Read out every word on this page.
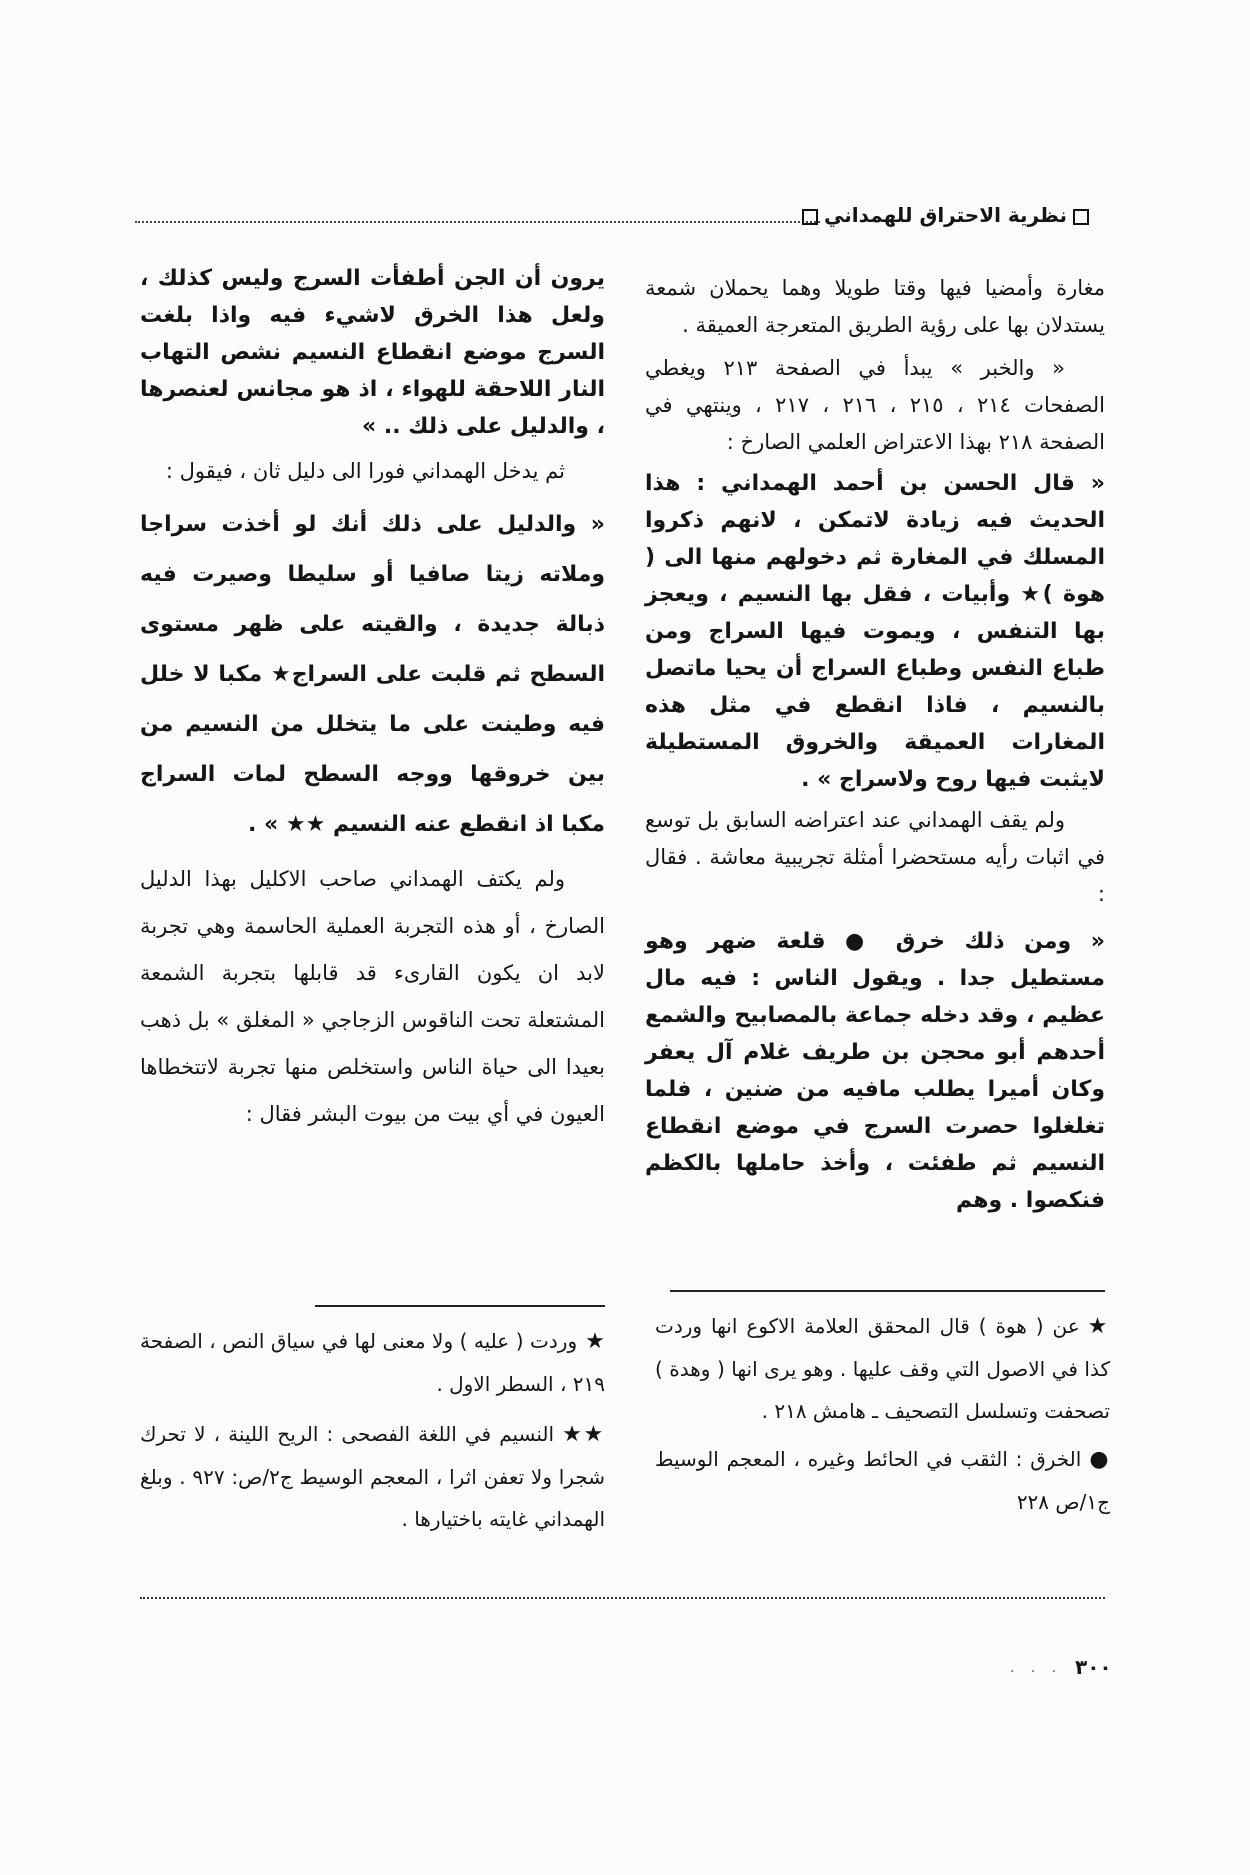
نظرية الاحتراق للهمداني

مغارة وأمضيا فيها وقتا طويلا وهما يحملان شمعة يستدلان بها على رؤية الطريق المتعرجة العميقة .

« والخبر » يبدأ في الصفحة ٢١٣ ويغطي الصفحات ٢١٤ ، ٢١٥ ، ٢١٦ ، ٢١٧ ، وينتهي في الصفحة ٢١٨ بهذا الاعتراض العلمي الصارخ :

« قال الحسن بن أحمد الهمداني : هذا الحديث فيه زيادة لاتمكن ، لانهم ذكروا المسلك في المغارة ثم دخولهم منها الى ( هوة )★ وأبيات ، فقل بها النسيم ، ويعجز بها التنفس ، ويموت فيها السراج ومن طباع النفس وطباع السراج أن يحيا ماتصل بالنسيم ، فاذا انقطع في مثل هذه المغارات العميقة والخروق المستطيلة لايثبت فيها روح ولاسراج » .

ولم يقف الهمداني عند اعتراضه السابق بل توسع في اثبات رأيه مستحضرا أمثلة تجريبية معاشة . فقال :

« ومن ذلك خرق ● قلعة ضهر وهو مستطيل جدا . ويقول الناس : فيه مال عظيم ، وقد دخله جماعة بالمصابيح والشمع أحدهم أبو محجن بن طريف غلام آل يعفر وكان أميرا يطلب مافيه من ضنين ، فلما تغلغلوا حصرت السرج في موضع انقطاع النسيم ثم طفئت ، وأخذ حاملها بالكظم فنكصوا . وهم

★عن ( هوة ) قال المحقق العلامة الاكوع انها وردت كذا في الاصول التي وقف عليها . وهو يرى انها ( وهدة ) تصحفت وتسلسل التصحيف ـ هامش ٢١٨ .

●الخرق : الثقب في الحائط وغيره ، المعجم الوسيط ج١/ص ٢٢٨

يرون أن الجن أطفأت السرج وليس كذلك ، ولعل هذا الخرق لاشيء فيه واذا بلغت السرج موضع انقطاع النسيم نشص التهاب النار اللاحقة للهواء ، اذ هو مجانس لعنصرها ، والدليل على ذلك .. »

ثم يدخل الهمداني فورا الى دليل ثان ، فيقول :

« والدليل على ذلك أنك لو أخذت سراجا وملاته زيتا صافيا أو سليطا وصيرت فيه ذبالة جديدة ، والقيته على ظهر مستوى السطح ثم قلبت على السراج★ مكبا لا خلل فيه وطينت على ما يتخلل من النسيم من بين خروقها ووجه السطح لمات السراج مكبا اذ انقطع عنه النسيم ★★ » .

ولم يكتف الهمداني صاحب الاكليل بهذا الدليل الصارخ ، أو هذه التجربة العملية الحاسمة وهي تجربة لابد ان يكون القارىء قد قابلها بتجربة الشمعة المشتعلة تحت الناقوس الزجاجي « المغلق » بل ذهب بعيدا الى حياة الناس واستخلص منها تجربة لاتتخطاها العيون في أي بيت من بيوت البشر فقال :

★وردت ( عليه ) ولا معنى لها في سياق النص ، الصفحة ٢١٩ ، السطر الاول .

★★النسيم في اللغة الفصحى : الريح اللينة ، لا تحرك شجرا ولا تعفن اثرا ، المعجم الوسيط ج٢/ص: ٩٢٧ . وبلغ الهمداني غايته باختيارها .

. . . ٣٠٠
